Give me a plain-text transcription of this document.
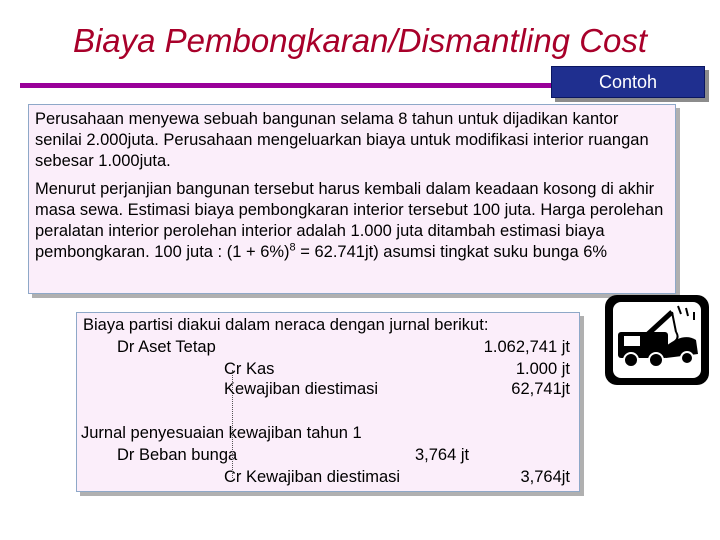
Biaya Pembongkaran/Dismantling Cost
Contoh

Perusahaan menyewa sebuah bangunan selama 8 tahun untuk dijadikan kantor senilai 2.000juta. Perusahaan mengeluarkan biaya untuk modifikasi interior ruangan sebesar 1.000juta.

Menurut perjanjian bangunan tersebut harus kembali dalam keadaan kosong di akhir masa sewa. Estimasi biaya pembongkaran interior tersebut 100 juta. Harga perolehan peralatan interior perolehan interior adalah 1.000 juta ditambah estimasi biaya pembongkaran. 100 juta : $(1 + 6\%)^8 = 62.741jt$) asumsi tingkat suku bunga 6%

Biaya partisi diakui dalam neraca dengan jurnal berikut:
Dr Aset Tetap	1.062,741 jt
Cr Kas	1.000 jt
Kewajiban diestimasi	62,741jt
Jurnal penyesuaian kewajiban tahun 1
Dr Beban bunga	3,764 jt
Cr Kewajiban diestimasi	3,764jt
